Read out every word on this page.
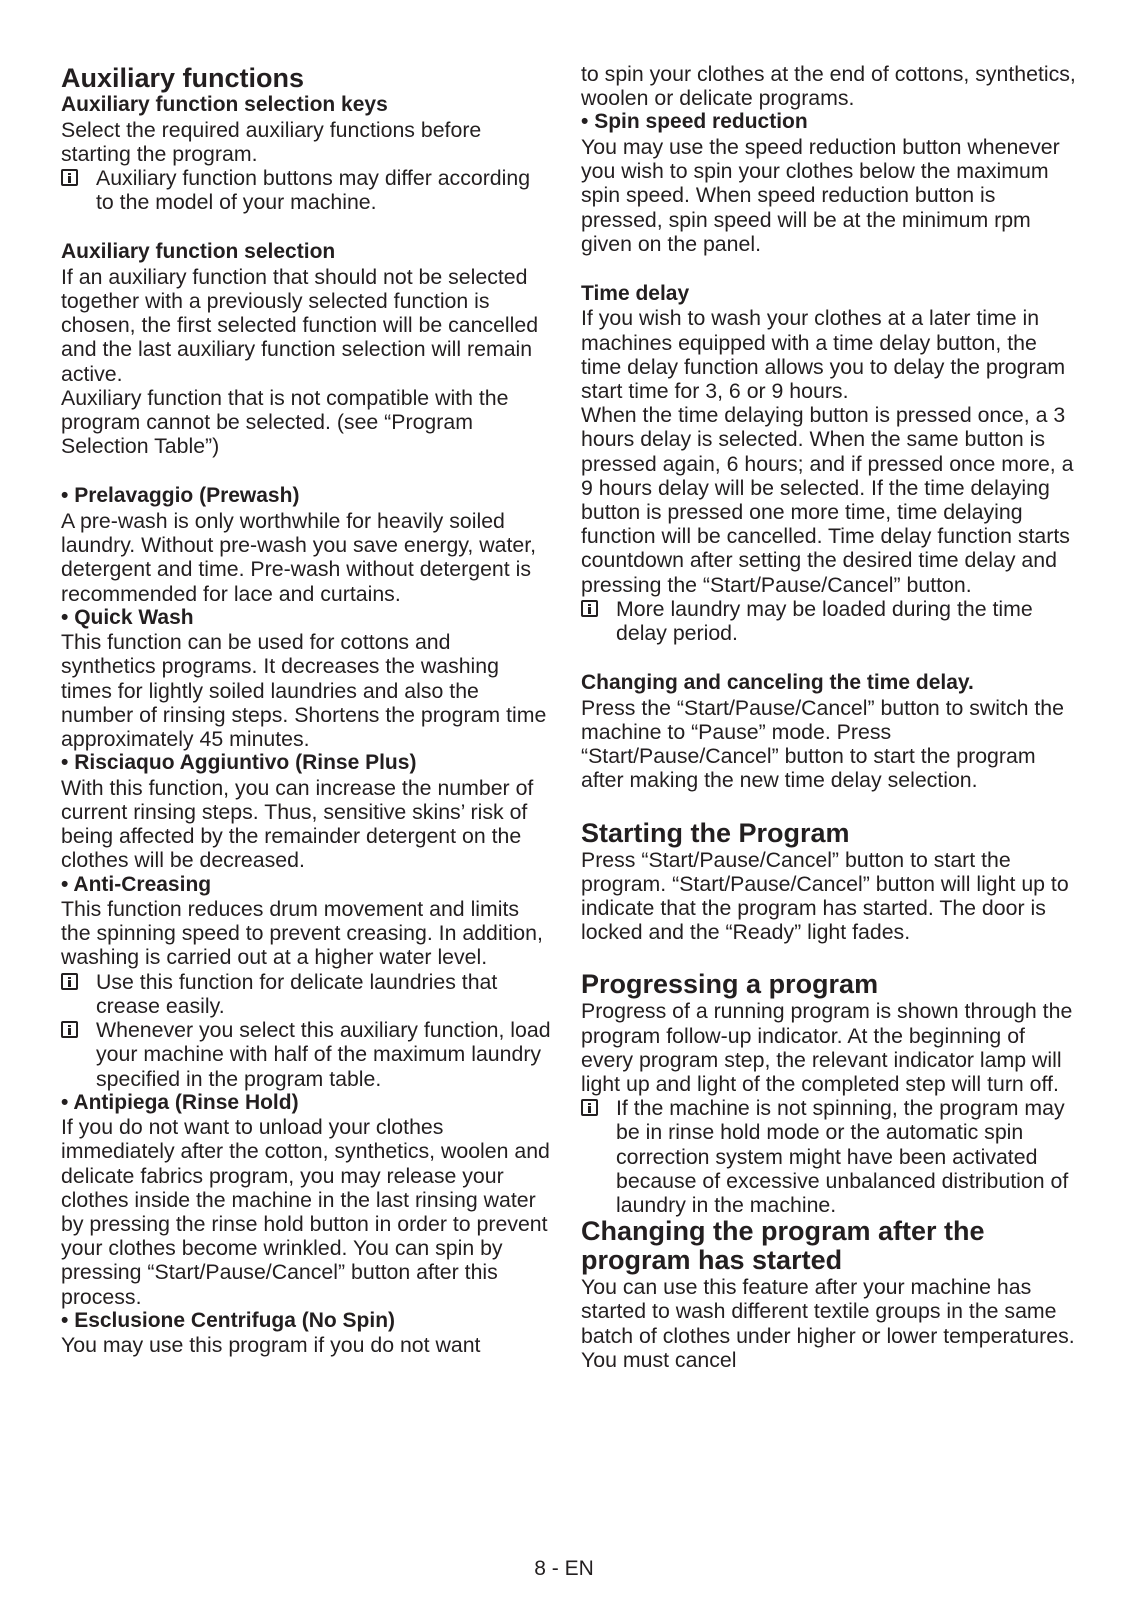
Auxiliary functions
Auxiliary function selection keys

Select the required auxiliary functions before starting the program.

Auxiliary function buttons may differ according to the model of your machine.
Auxiliary function selection

If an auxiliary function that should not be selected together with a previously selected function is chosen, the first selected function will be cancelled and the last auxiliary function selection will remain active.

Auxiliary function that is not compatible with the program cannot be selected. (see “Program Selection Table”)

• Prelavaggio (Prewash)

A pre-wash is only worthwhile for heavily soiled laundry. Without pre-wash you save energy, water, detergent and time. Pre-wash without detergent is recommended for lace and curtains.

• Quick Wash

This function can be used for cottons and synthetics programs. It decreases the washing times for lightly soiled laundries and also the number of rinsing steps. Shortens the program time approximately 45 minutes.

• Risciaquo Aggiuntivo (Rinse Plus)

With this function, you can increase the number of current rinsing steps. Thus, sensitive skins’ risk of being affected by the remainder detergent on the clothes will be decreased.

• Anti-Creasing

This function reduces drum movement and limits the spinning speed to prevent creasing. In addition, washing is carried out at a higher water level.

Use this function for delicate laundries that crease easily.
Whenever you select this auxiliary function, load your machine with half of the maximum laundry specified in the program table.
• Antipiega (Rinse Hold)

If you do not want to unload your clothes immediately after the cotton, synthetics, woolen and delicate fabrics program, you may release your clothes inside the machine in the last rinsing water by pressing the rinse hold button in order to prevent your clothes become wrinkled. You can spin by pressing “Start/Pause/Cancel” button after this process.

• Esclusione Centrifuga (No Spin)

You may use this program if you do not want

to spin your clothes at the end of cottons, synthetics, woolen or delicate programs.

• Spin speed reduction

You may use the speed reduction button whenever you wish to spin your clothes below the maximum spin speed. When speed reduction button is pressed, spin speed will be at the minimum rpm given on the panel.

Time delay

If you wish to wash your clothes at a later time in machines equipped with a time delay button, the time delay function allows you to delay the program start time for 3, 6 or 9 hours.

When the time delaying button is pressed once, a 3 hours delay is selected. When the same button is pressed again, 6 hours; and if pressed once more, a 9 hours delay will be selected. If the time delaying button is pressed one more time, time delaying function will be cancelled. Time delay function starts countdown after setting the desired time delay and pressing the “Start/Pause/Cancel” button.

More laundry may be loaded during the time delay period.
Changing and canceling the time delay.

Press the “Start/Pause/Cancel” button to switch the machine to “Pause” mode. Press “Start/Pause/Cancel” button to start the program after making the new time delay selection.

Starting the Program

Press “Start/Pause/Cancel” button to start the program. “Start/Pause/Cancel” button will light up to indicate that the program has started. The door is locked and the “Ready” light fades.

Progressing a program

Progress of a running program is shown through the program follow-up indicator. At the beginning of every program step, the relevant indicator lamp will light up and light of the completed step will turn off.

If the machine is not spinning, the program may be in rinse hold mode or the automatic spin correction system might have been activated because of excessive unbalanced distribution of laundry in the machine.
Changing the program after the program has started

You can use this feature after your machine has started to wash different textile groups in the same batch of clothes under higher or lower temperatures. You must cancel

8 - EN
